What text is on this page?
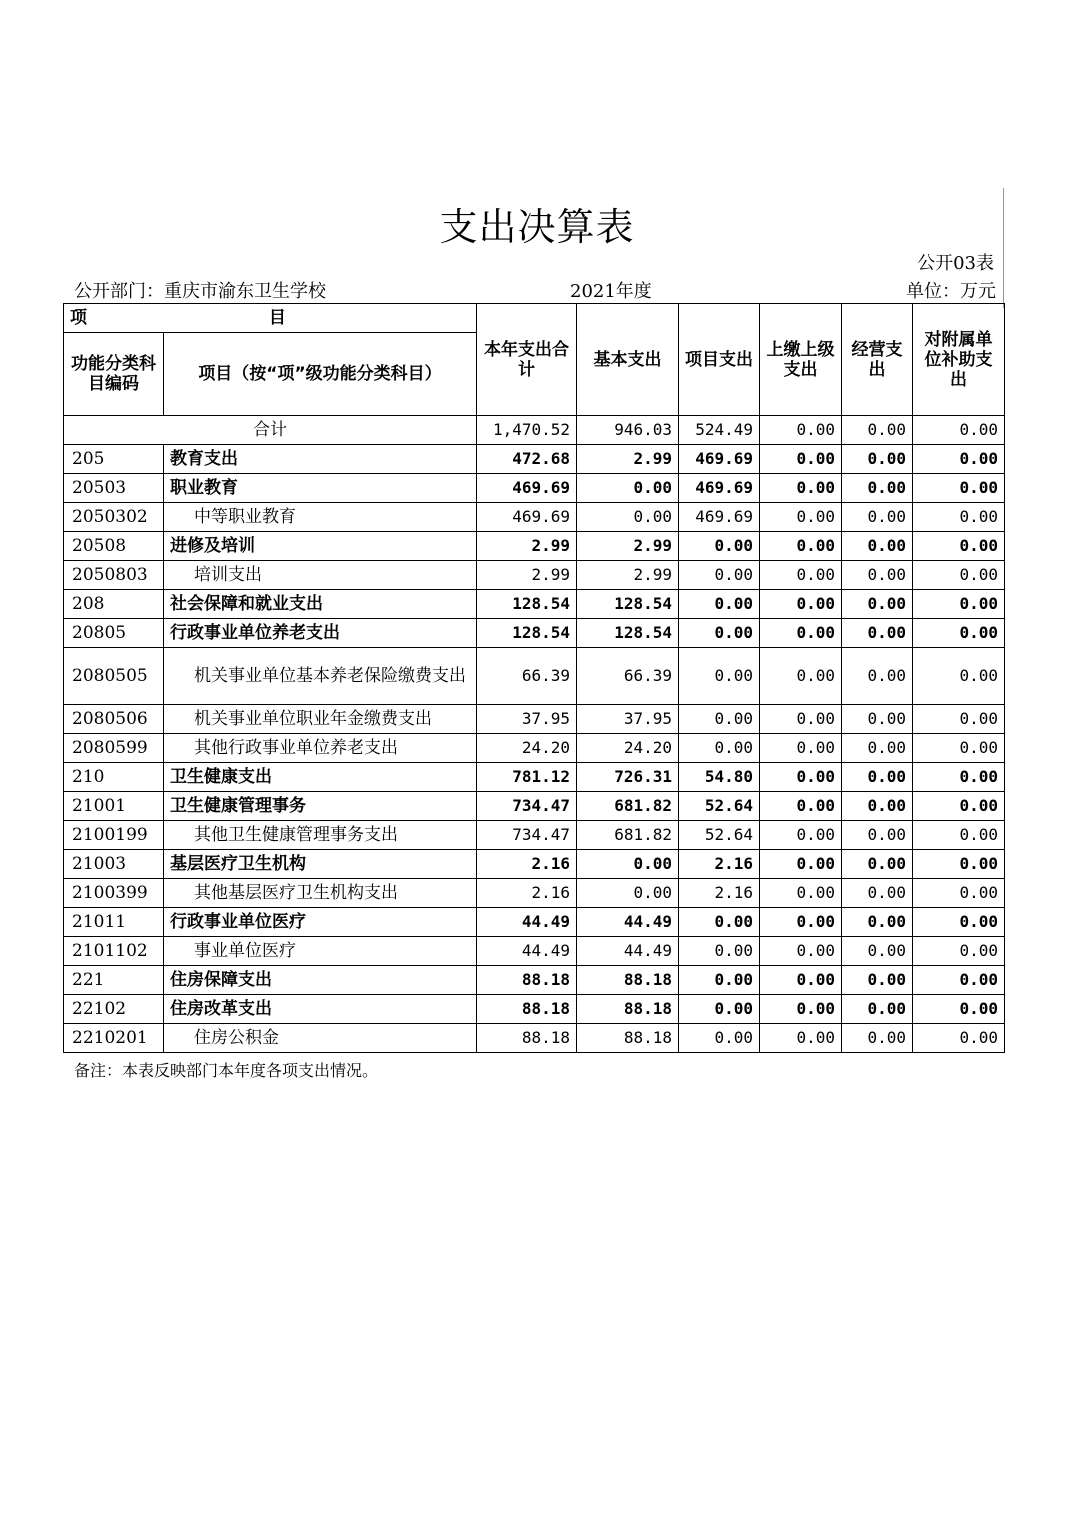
支出决算表
公开03表
公开部门：重庆市渝东卫生学校	2021年度	单位：万元
项 目		本年支出合计	基本支出	项目支出	上缴上级支出	经营支出	对附属单位补助支出
功能分类科目编码	项目（按“项”级功能分类科目）						
合计		1,470.52	946.03	524.49	0.00	0.00	0.00
205	教育支出	472.68	2.99	469.69	0.00	0.00	0.00
20503	职业教育	469.69	0.00	469.69	0.00	0.00	0.00
2050302	中等职业教育	469.69	0.00	469.69	0.00	0.00	0.00
20508	进修及培训	2.99	2.99	0.00	0.00	0.00	0.00
2050803	培训支出	2.99	2.99	0.00	0.00	0.00	0.00
208	社会保障和就业支出	128.54	128.54	0.00	0.00	0.00	0.00
20805	行政事业单位养老支出	128.54	128.54	0.00	0.00	0.00	0.00
2080505	机关事业单位基本养老保险缴费支出	66.39	66.39	0.00	0.00	0.00	0.00
2080506	机关事业单位职业年金缴费支出	37.95	37.95	0.00	0.00	0.00	0.00
2080599	其他行政事业单位养老支出	24.20	24.20	0.00	0.00	0.00	0.00
210	卫生健康支出	781.12	726.31	54.80	0.00	0.00	0.00
21001	卫生健康管理事务	734.47	681.82	52.64	0.00	0.00	0.00
2100199	其他卫生健康管理事务支出	734.47	681.82	52.64	0.00	0.00	0.00
21003	基层医疗卫生机构	2.16	0.00	2.16	0.00	0.00	0.00
2100399	其他基层医疗卫生机构支出	2.16	0.00	2.16	0.00	0.00	0.00
21011	行政事业单位医疗	44.49	44.49	0.00	0.00	0.00	0.00
2101102	事业单位医疗	44.49	44.49	0.00	0.00	0.00	0.00
221	住房保障支出	88.18	88.18	0.00	0.00	0.00	0.00
22102	住房改革支出	88.18	88.18	0.00	0.00	0.00	0.00
2210201	住房公积金	88.18	88.18	0.00	0.00	0.00	0.00
备注：本表反映部门本年度各项支出情况。
